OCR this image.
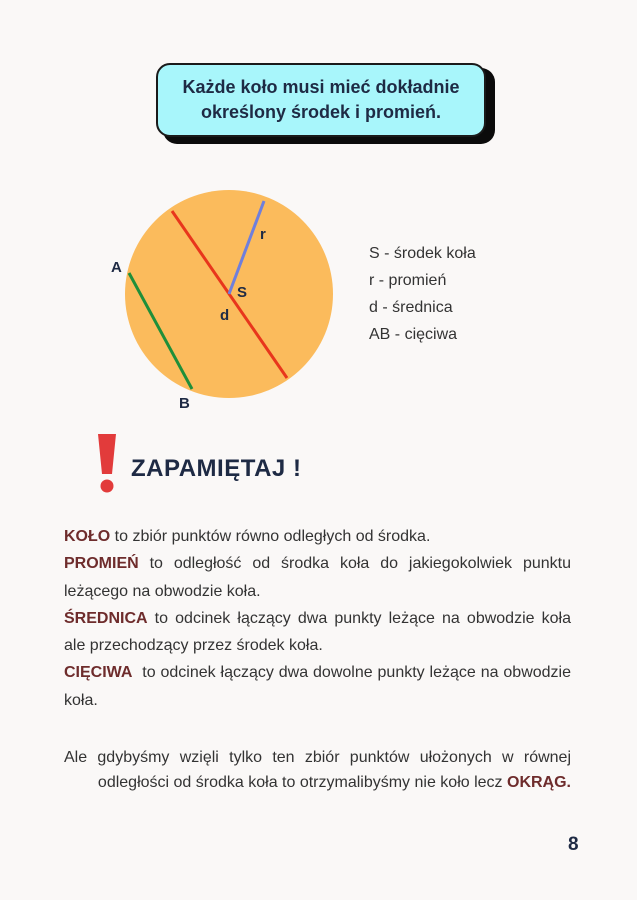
Każde koło musi mieć dokładnie
określony środek i promień.
A
B
S
r
d
S - środek koła
r - promień
d - średnica
AB - cięciwa
ZAPAMIĘTAJ !

KOŁO to zbiór punktów równo odległych od środka.

PROMIEŃ to odległość od środka koła do jakiegokolwiek punktu leżącego na obwodzie koła.

ŚREDNICA to odcinek łączący dwa punkty leżące na obwodzie koła ale przechodzący przez środek koła.

CIĘCIWA  to odcinek łączący dwa dowolne punkty leżące na obwodzie koła.

Ale gdybyśmy wzięli tylko ten zbiór punktów ułożonych w równej
odległości od środka koła to otrzymalibyśmy nie koło lecz OKRĄG.
8
